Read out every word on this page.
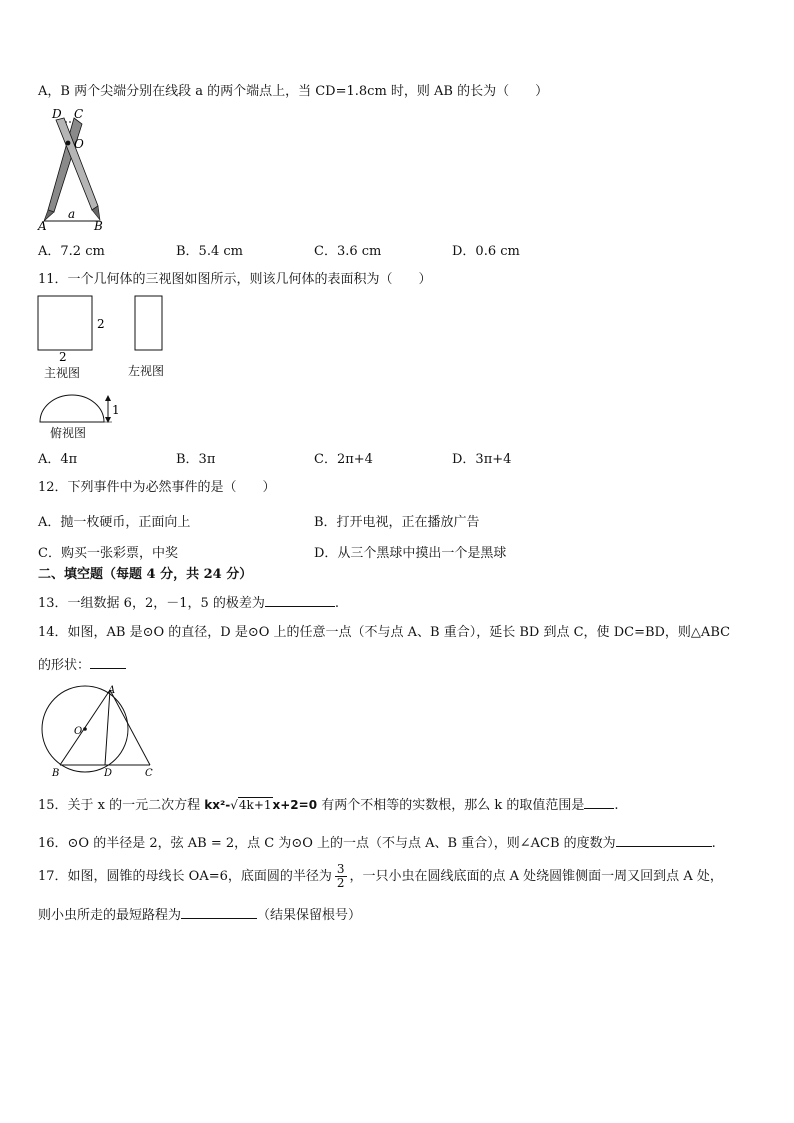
A，B 两个尖端分别在线段 a 的两个端点上，当 CD=1.8cm 时，则 AB 的长为（　　）
D C
O
a
A	B
A．7.2 cm	B．5.4 cm	C．3.6 cm	D．0.6 cm
11．一个几何体的三视图如图所示，则该几何体的表面积为（　　）
2
2
主视图	左视图
1
俯视图
A．4π	B．3π	C．2π+4	D．3π+4
12．下列事件中为必然事件的是（　　）
A．抛一枚硬币，正面向上	B．打开电视，正在播放广告
C．购买一张彩票，中奖	D．从三个黑球中摸出一个是黑球
二、填空题（每题 4 分，共 24 分）
13．一组数据 6，2，－1，5 的极差为	.
14．如图，AB 是⊙O 的直径，D 是⊙O 上的任意一点（不与点 A、B 重合），延长 BD 到点 C，使 DC=BD，则△ABC
的形状：
A
O
B	D	C
15．关于 x 的一元二次方程 kx²-√4k+1x+2=0 有两个不相等的实数根，那么 k 的取值范围是 .
16．⊙O 的半径是 2，弦 AB = 2，点 C 为⊙O 上的一点（不与点 A、B 重合），则∠ACB 的度数为	.
17．如图，圆锥的母线长 OA=6，底面圆的半径为 $\frac{3}{2}$ ，一只小虫在圆线底面的点 A 处绕圆锥侧面一周又回到点 A 处，
则小虫所走的最短路程为	（结果保留根号）
